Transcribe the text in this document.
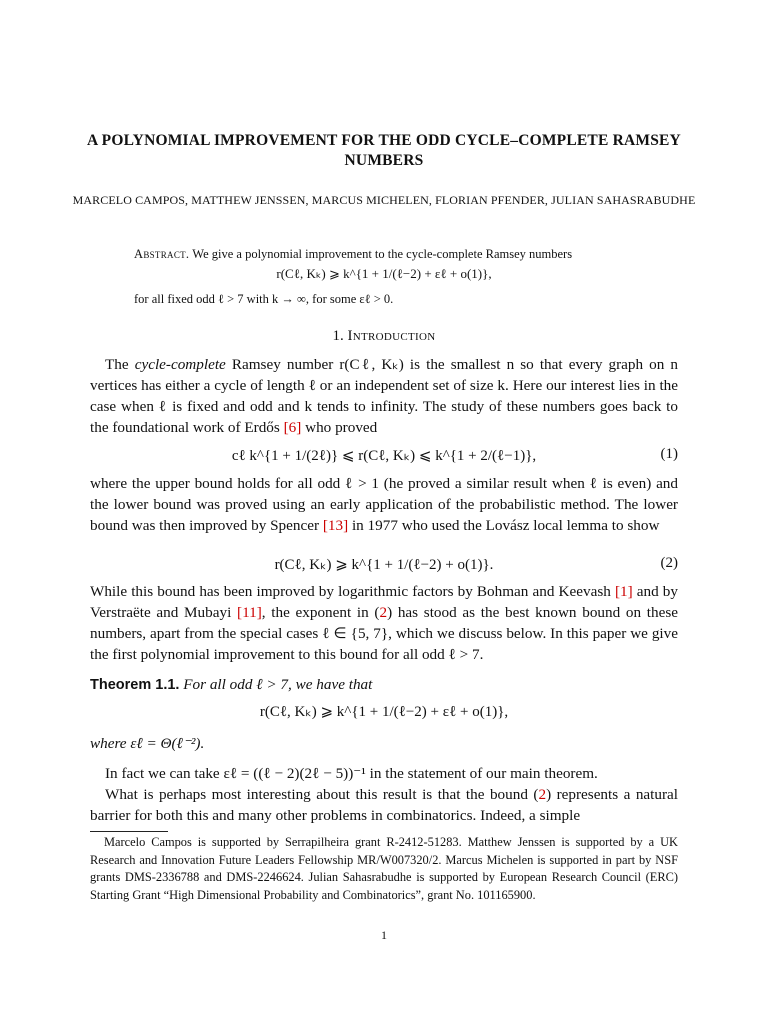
A POLYNOMIAL IMPROVEMENT FOR THE ODD CYCLE–COMPLETE RAMSEY NUMBERS
MARCELO CAMPOS, MATTHEW JENSSEN, MARCUS MICHELEN, FLORIAN PFENDER, JULIAN SAHASRABUDHE
Abstract. We give a polynomial improvement to the cycle-complete Ramsey numbers
r(Cℓ, Kₖ) ⩾ k^{1 + 1/(ℓ−2) + εℓ + o(1)},
for all fixed odd ℓ > 7 with k → ∞, for some εℓ > 0.
1. Introduction
The cycle-complete Ramsey number r(Cℓ, Kₖ) is the smallest n so that every graph on n vertices has either a cycle of length ℓ or an independent set of size k. Here our interest lies in the case when ℓ is fixed and odd and k tends to infinity. The study of these numbers goes back to the foundational work of Erdős [6] who proved
cℓ k^{1 + 1/(2ℓ)} ⩽ r(Cℓ, Kₖ) ⩽ k^{1 + 2/(ℓ−1)},	(1)
where the upper bound holds for all odd ℓ > 1 (he proved a similar result when ℓ is even) and the lower bound was proved using an early application of the probabilistic method. The lower bound was then improved by Spencer [13] in 1977 who used the Lovász local lemma to show
r(Cℓ, Kₖ) ⩾ k^{1 + 1/(ℓ−2) + o(1)}.	(2)
While this bound has been improved by logarithmic factors by Bohman and Keevash [1] and by Verstraëte and Mubayi [11], the exponent in (2) has stood as the best known bound on these numbers, apart from the special cases ℓ ∈ {5, 7}, which we discuss below. In this paper we give the first polynomial improvement to this bound for all odd ℓ > 7.
Theorem 1.1. For all odd ℓ > 7, we have that
r(Cℓ, Kₖ) ⩾ k^{1 + 1/(ℓ−2) + εℓ + o(1)},
where εℓ = Θ(ℓ⁻²).
In fact we can take εℓ = ((ℓ − 2)(2ℓ − 5))⁻¹ in the statement of our main theorem.
What is perhaps most interesting about this result is that the bound (2) represents a natural barrier for both this and many other problems in combinatorics. Indeed, a simple
Marcelo Campos is supported by Serrapilheira grant R-2412-51283. Matthew Jenssen is supported by a UK Research and Innovation Future Leaders Fellowship MR/W007320/2. Marcus Michelen is supported in part by NSF grants DMS-2336788 and DMS-2246624. Julian Sahasrabudhe is supported by European Research Council (ERC) Starting Grant “High Dimensional Probability and Combinatorics”, grant No. 101165900.
1
